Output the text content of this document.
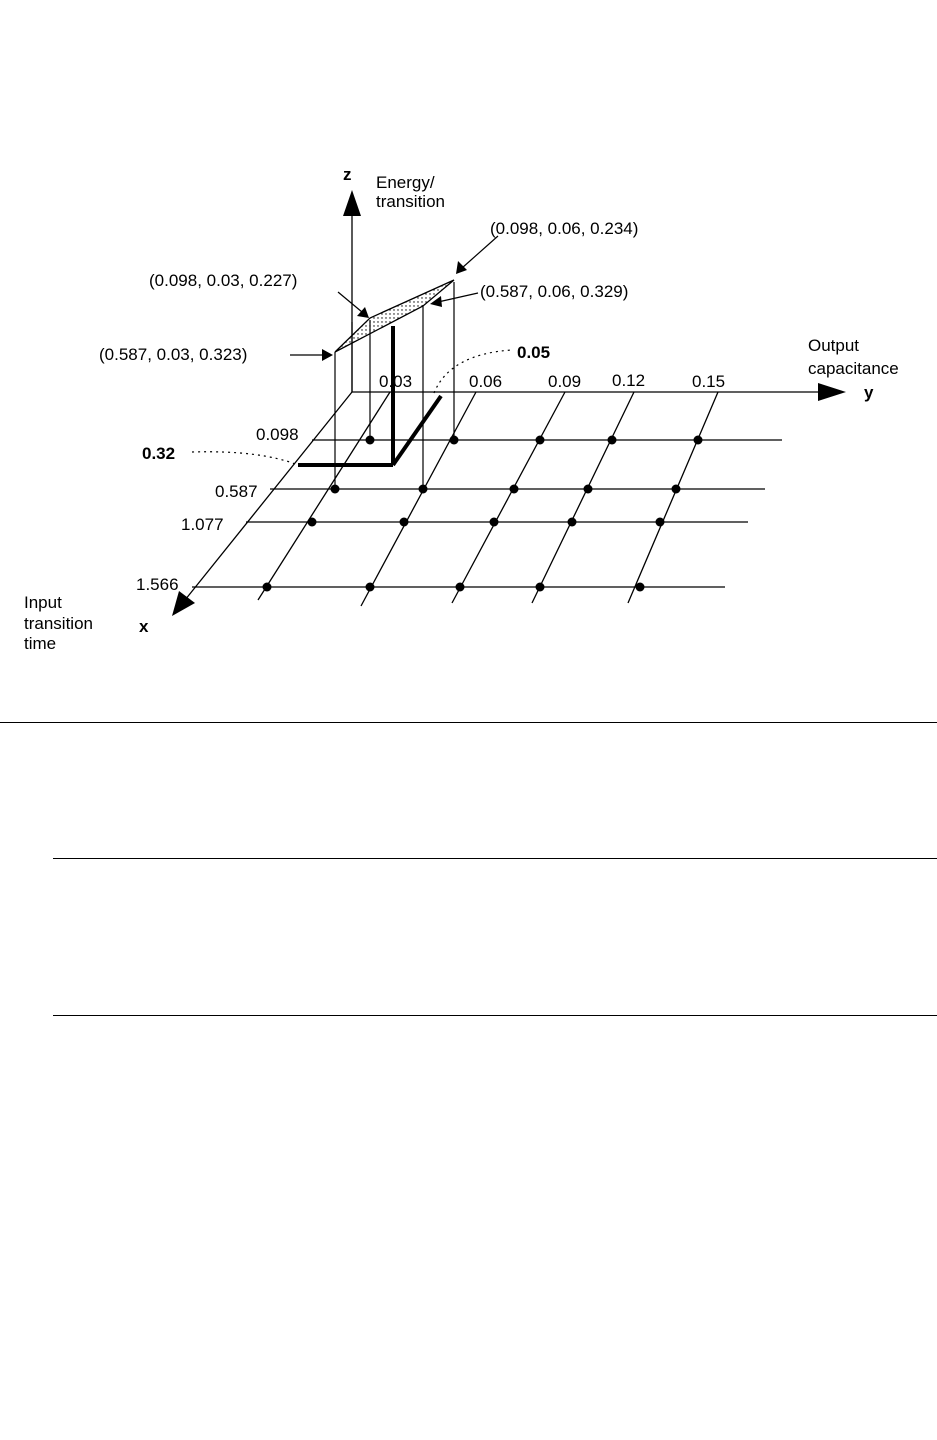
z
y
x
Energy/
transition
Output
capacitance
Input
transition
time
0.03	0.06	0.09 0.12	0.15
0.098
0.587
1.077
1.566
0.32
0.05
(0.098, 0.06, 0.234)
(0.098, 0.03, 0.227)
(0.587, 0.06, 0.329)
(0.587, 0.03, 0.323)
